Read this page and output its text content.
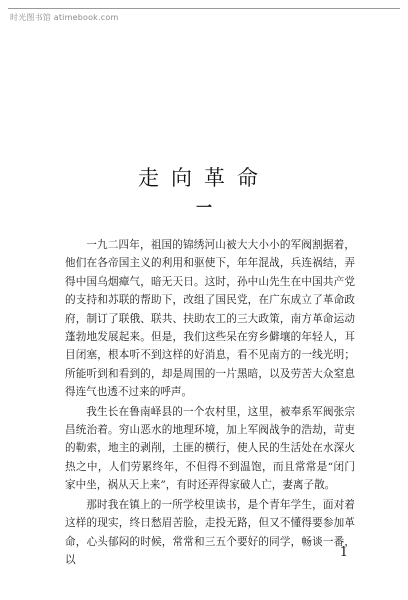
时光图书馆 atimebook.com
走向革命
一

一九二四年，祖国的锦绣河山被大大小小的军阀割据着，他们在各帝国主义的利用和驱使下，年年混战，兵连祸结，弄得中国乌烟瘴气，暗无天日。这时，孙中山先生在中国共产党的支持和苏联的帮助下，改组了国民党，在广东成立了革命政府，制订了联俄、联共、扶助农工的三大政策，南方革命运动蓬勃地发展起来。但是，我们这些呆在穷乡僻壤的年轻人，耳目闭塞，根本听不到这样的好消息，看不见南方的一线光明；所能听到和看到的，却是周围的一片黑暗，以及劳苦大众窒息得连气也透不过来的呼声。

我生长在鲁南峄县的一个农村里，这里，被奉系军阀张宗昌统治着。穷山恶水的地理环境，加上军阀战争的浩劫，苛吏的勒索，地主的剥削，土匪的横行，使人民的生活处在水深火热之中，人们劳累终年，不但得不到温饱，而且常常是“闭门家中坐，祸从天上来”，有时还弄得家破人亡，妻离子散。

那时我在镇上的一所学校里读书，是个青年学生，面对着这样的现实，终日愁眉苦脸，走投无路，但又不懂得要参加革命，心头郁闷的时候，常常和三五个要好的同学，畅谈一番，以	1
